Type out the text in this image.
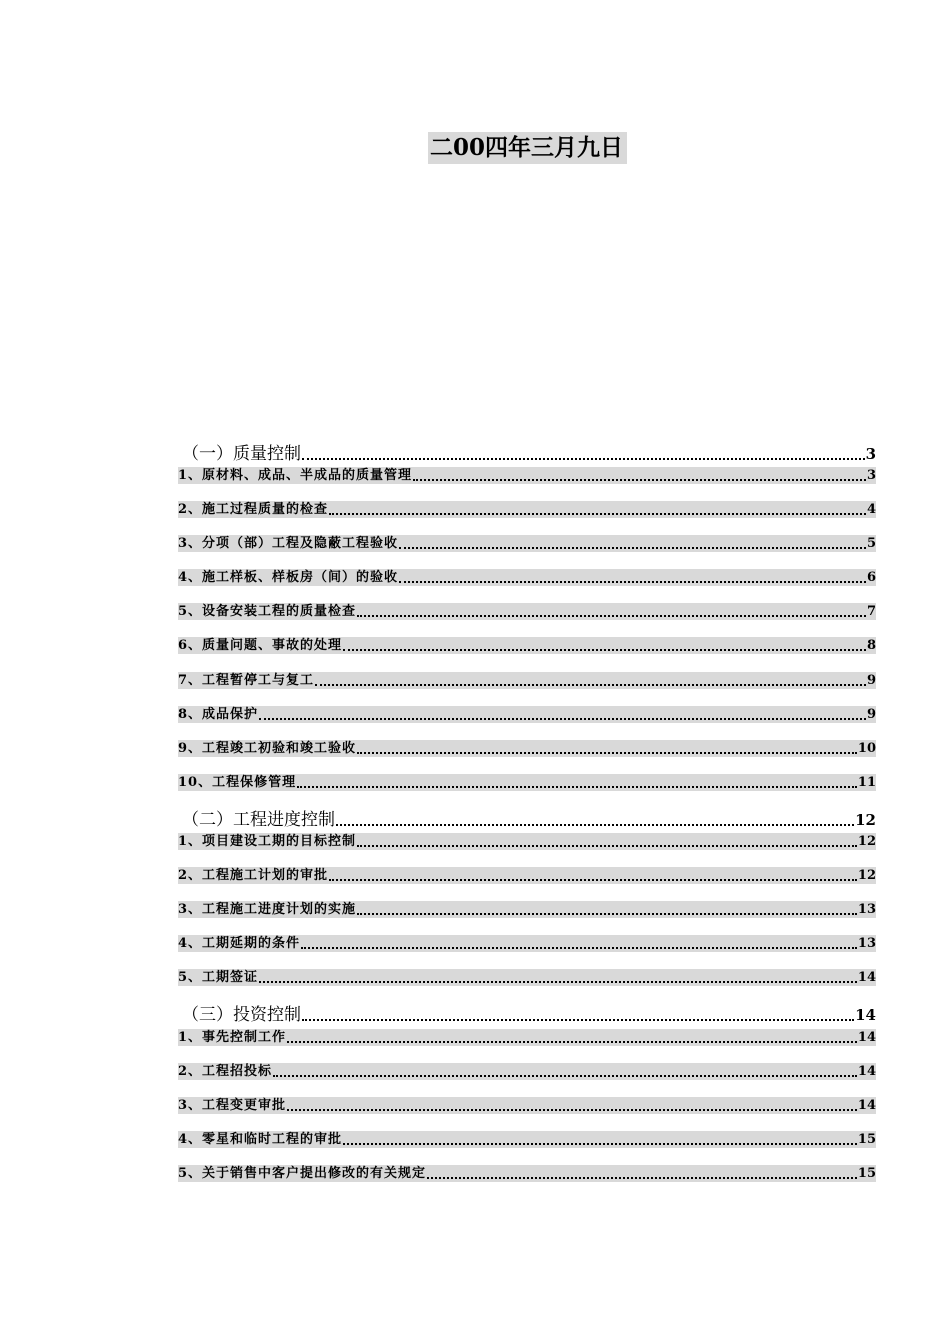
二00四年三月九日
（一）质量控制	3
1、原材料、成品、半成品的质量管理	3
2、施工过程质量的检查	4
3、分项（部）工程及隐蔽工程验收	5
4、施工样板、样板房（间）的验收	6
5、设备安装工程的质量检查	7
6、质量问题、事故的处理	8
7、工程暂停工与复工	9
8、成品保护	9
9、工程竣工初验和竣工验收	10
10、工程保修管理	11
（二）工程进度控制	12
1、项目建设工期的目标控制	12
2、工程施工计划的审批	12
3、工程施工进度计划的实施	13
4、工期延期的条件	13
5、工期签证	14
（三）投资控制	14
1、事先控制工作	14
2、工程招投标	14
3、工程变更审批	14
4、零星和临时工程的审批	15
5、关于销售中客户提出修改的有关规定	15
